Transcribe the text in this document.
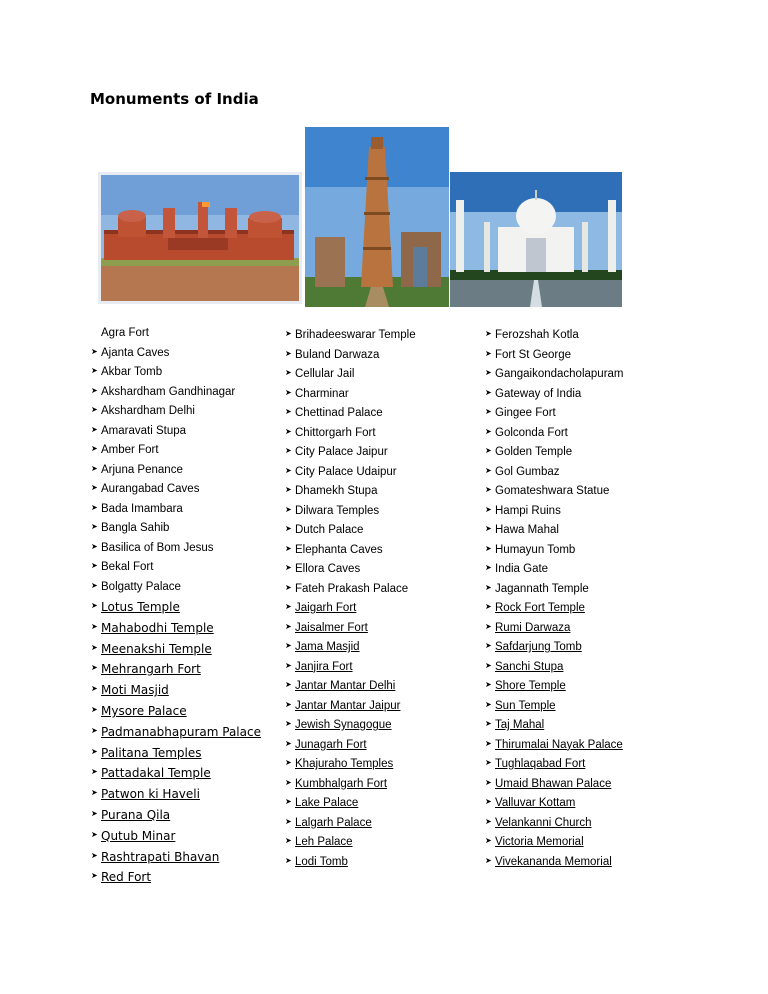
Monuments of India
Agra Fort
➤ Ajanta Caves
➤ Akbar Tomb
➤ Akshardham Gandhinagar
➤ Akshardham Delhi
➤ Amaravati Stupa
➤ Amber Fort
➤ Arjuna Penance
➤ Aurangabad Caves
➤ Bada Imambara
➤ Bangla Sahib
➤ Basilica of Bom Jesus
➤ Bekal Fort
➤ Bolgatty Palace
➤ Lotus Temple
➤ Mahabodhi Temple
➤ Meenakshi Temple
➤ Mehrangarh Fort
➤ Moti Masjid
➤ Mysore Palace
➤ Padmanabhapuram Palace
➤ Palitana Temples
➤ Pattadakal Temple
➤ Patwon ki Haveli
➤ Purana Qila
➤ Qutub Minar
➤ Rashtrapati Bhavan
➤ Red Fort
➤ Brihadeeswarar Temple
➤ Buland Darwaza
➤ Cellular Jail
➤ Charminar
➤ Chettinad Palace
➤ Chittorgarh Fort
➤ City Palace Jaipur
➤ City Palace Udaipur
➤ Dhamekh Stupa
➤ Dilwara Temples
➤ Dutch Palace
➤ Elephanta Caves
➤ Ellora Caves
➤ Fateh Prakash Palace
➤ Jaigarh Fort
➤ Jaisalmer Fort
➤ Jama Masjid
➤ Janjira Fort
➤ Jantar Mantar Delhi
➤ Jantar Mantar Jaipur
➤ Jewish Synagogue
➤ Junagarh Fort
➤ Khajuraho Temples
➤ Kumbhalgarh Fort
➤ Lake Palace
➤ Lalgarh Palace
➤ Leh Palace
➤ Lodi Tomb
➤ Ferozshah Kotla
➤ Fort St George
➤ Gangaikondacholapuram
➤ Gateway of India
➤ Gingee Fort
➤ Golconda Fort
➤ Golden Temple
➤ Gol Gumbaz
➤ Gomateshwara Statue
➤ Hampi Ruins
➤ Hawa Mahal
➤ Humayun Tomb
➤ India Gate
➤ Jagannath Temple
➤ Rock Fort Temple
➤ Rumi Darwaza
➤ Safdarjung Tomb
➤ Sanchi Stupa
➤ Shore Temple
➤ Sun Temple
➤ Taj Mahal
➤ Thirumalai Nayak Palace
➤ Tughlaqabad Fort
➤ Umaid Bhawan Palace
➤ Valluvar Kottam
➤ Velankanni Church
➤ Victoria Memorial
➤ Vivekananda Memorial
